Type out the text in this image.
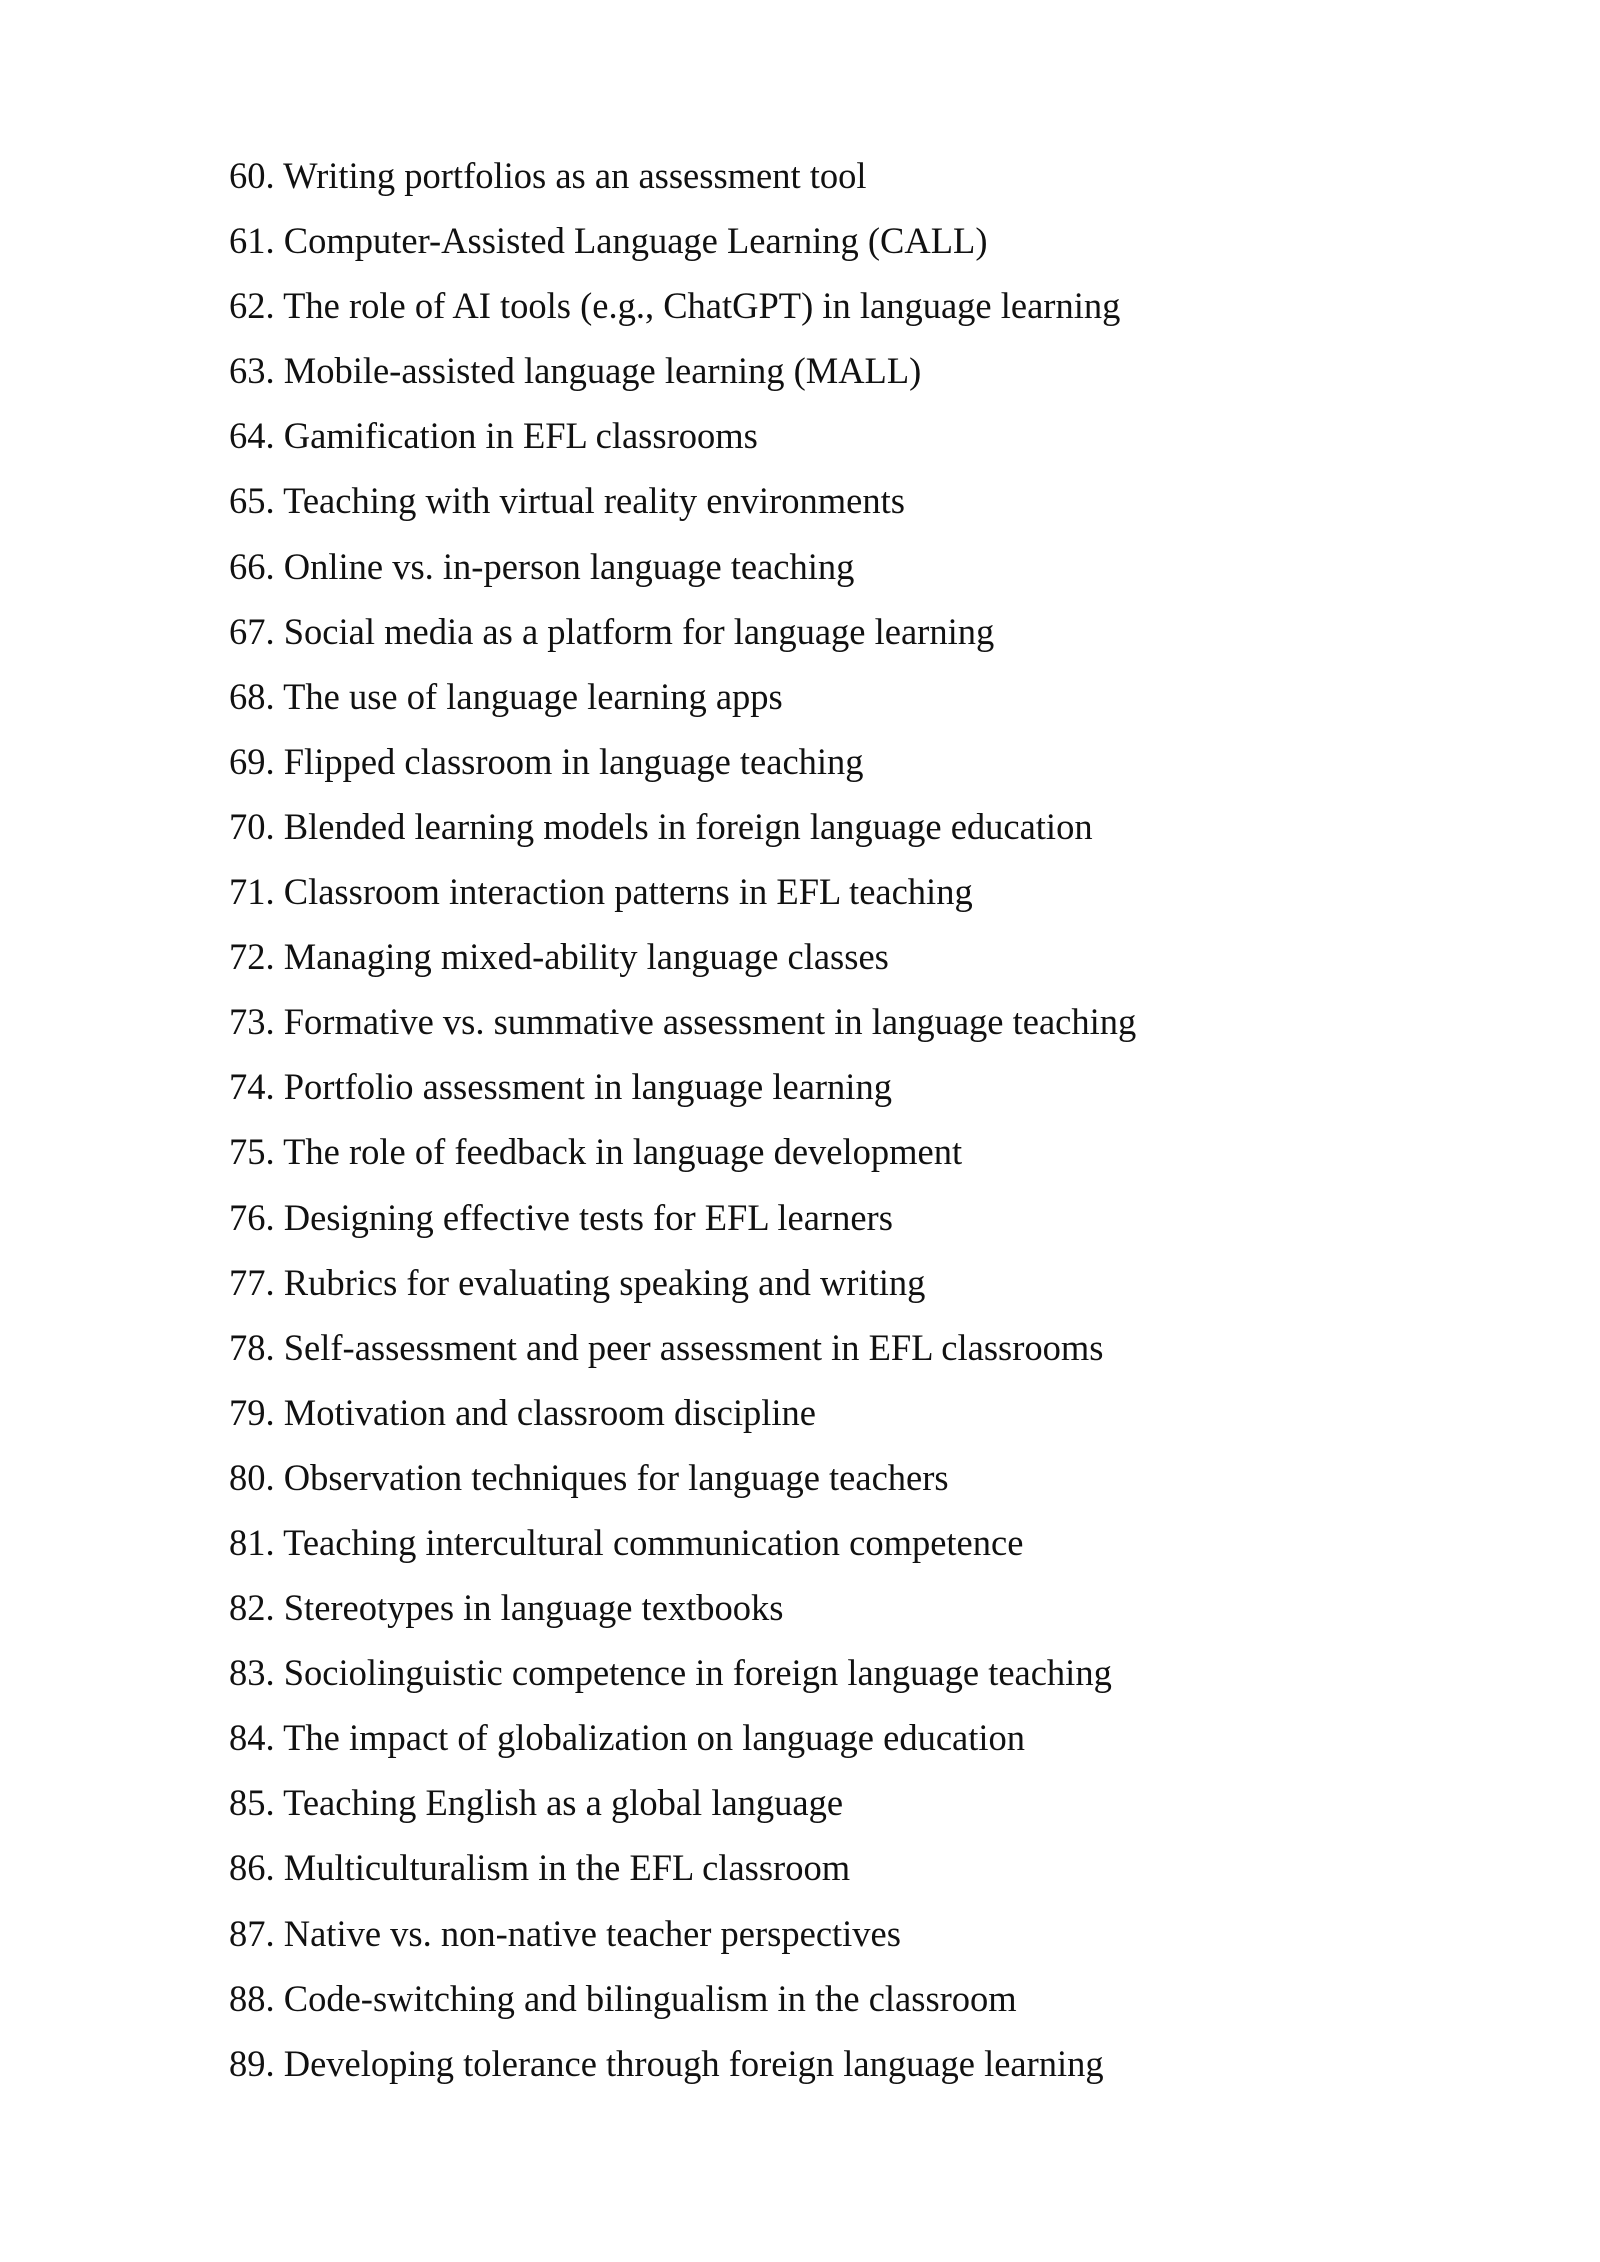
60. Writing portfolios as an assessment tool
61. Computer-Assisted Language Learning (CALL)
62. The role of AI tools (e.g., ChatGPT) in language learning
63. Mobile-assisted language learning (MALL)
64. Gamification in EFL classrooms
65. Teaching with virtual reality environments
66. Online vs. in-person language teaching
67. Social media as a platform for language learning
68. The use of language learning apps
69. Flipped classroom in language teaching
70. Blended learning models in foreign language education
71. Classroom interaction patterns in EFL teaching
72. Managing mixed-ability language classes
73. Formative vs. summative assessment in language teaching
74. Portfolio assessment in language learning
75. The role of feedback in language development
76. Designing effective tests for EFL learners
77. Rubrics for evaluating speaking and writing
78. Self-assessment and peer assessment in EFL classrooms
79. Motivation and classroom discipline
80. Observation techniques for language teachers
81. Teaching intercultural communication competence
82. Stereotypes in language textbooks
83. Sociolinguistic competence in foreign language teaching
84. The impact of globalization on language education
85. Teaching English as a global language
86. Multiculturalism in the EFL classroom
87. Native vs. non-native teacher perspectives
88. Code-switching and bilingualism in the classroom
89. Developing tolerance through foreign language learning
